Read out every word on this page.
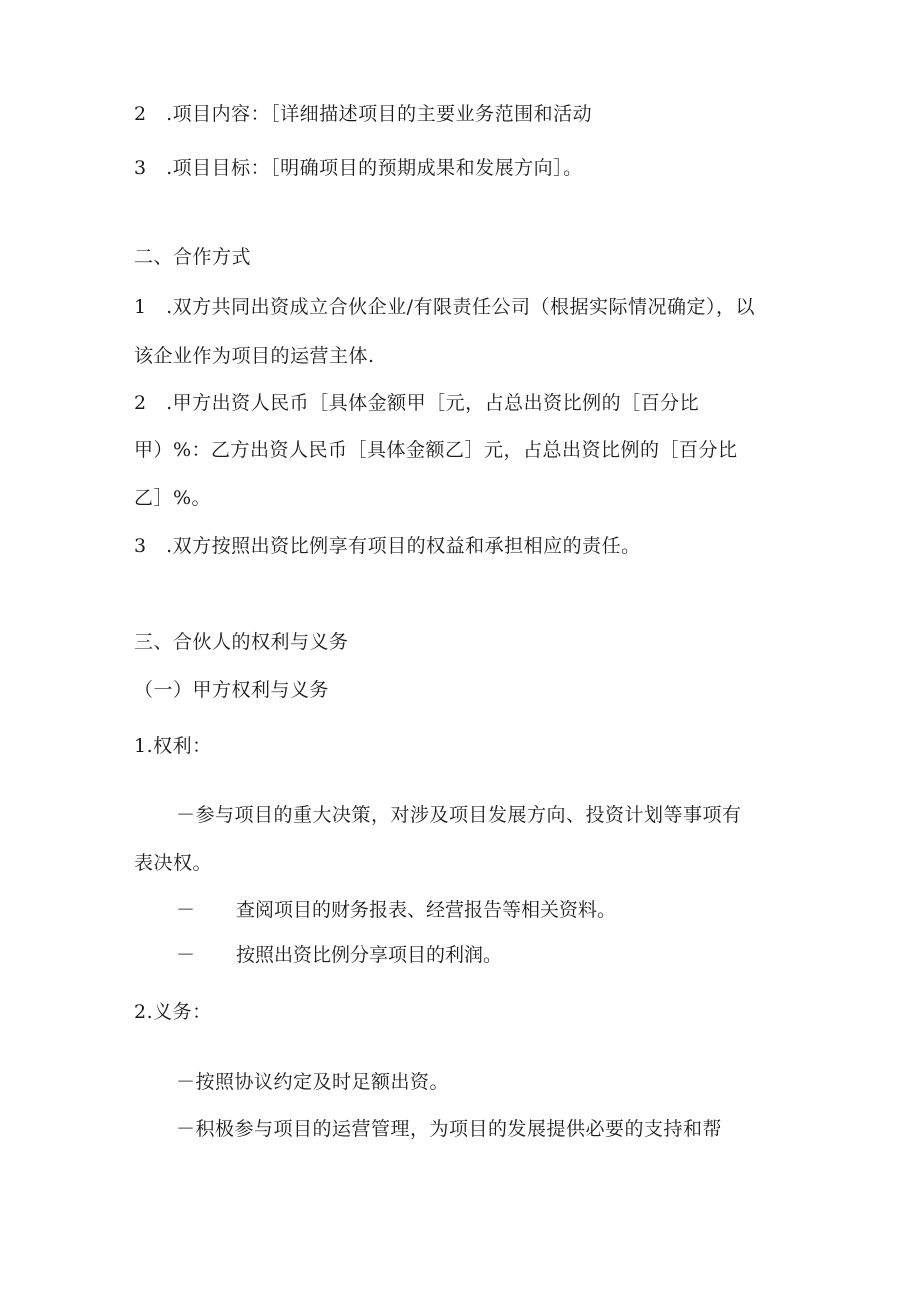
2　.项目内容：［详细描述项目的主要业务范围和活动
3　.项目目标：［明确项目的预期成果和发展方向］。
二、合作方式
1　.双方共同出资成立合伙企业/有限责任公司（根据实际情况确定），以
该企业作为项目的运营主体.
2　.甲方出资人民币［具体金额甲［元，占总出资比例的［百分比
甲）%：乙方出资人民币［具体金额乙］元，占总出资比例的［百分比
乙］%。
3　.双方按照出资比例享有项目的权益和承担相应的责任。
三、合伙人的权利与义务
（一）甲方权利与义务
1.权利：
－参与项目的重大决策，对涉及项目发展方向、投资计划等事项有
表决权。
－ 查阅项目的财务报表、经营报告等相关资料。
－ 按照出资比例分享项目的利润。
2.义务：
－按照协议约定及时足额出资。
－积极参与项目的运营管理，为项目的发展提供必要的支持和帮
